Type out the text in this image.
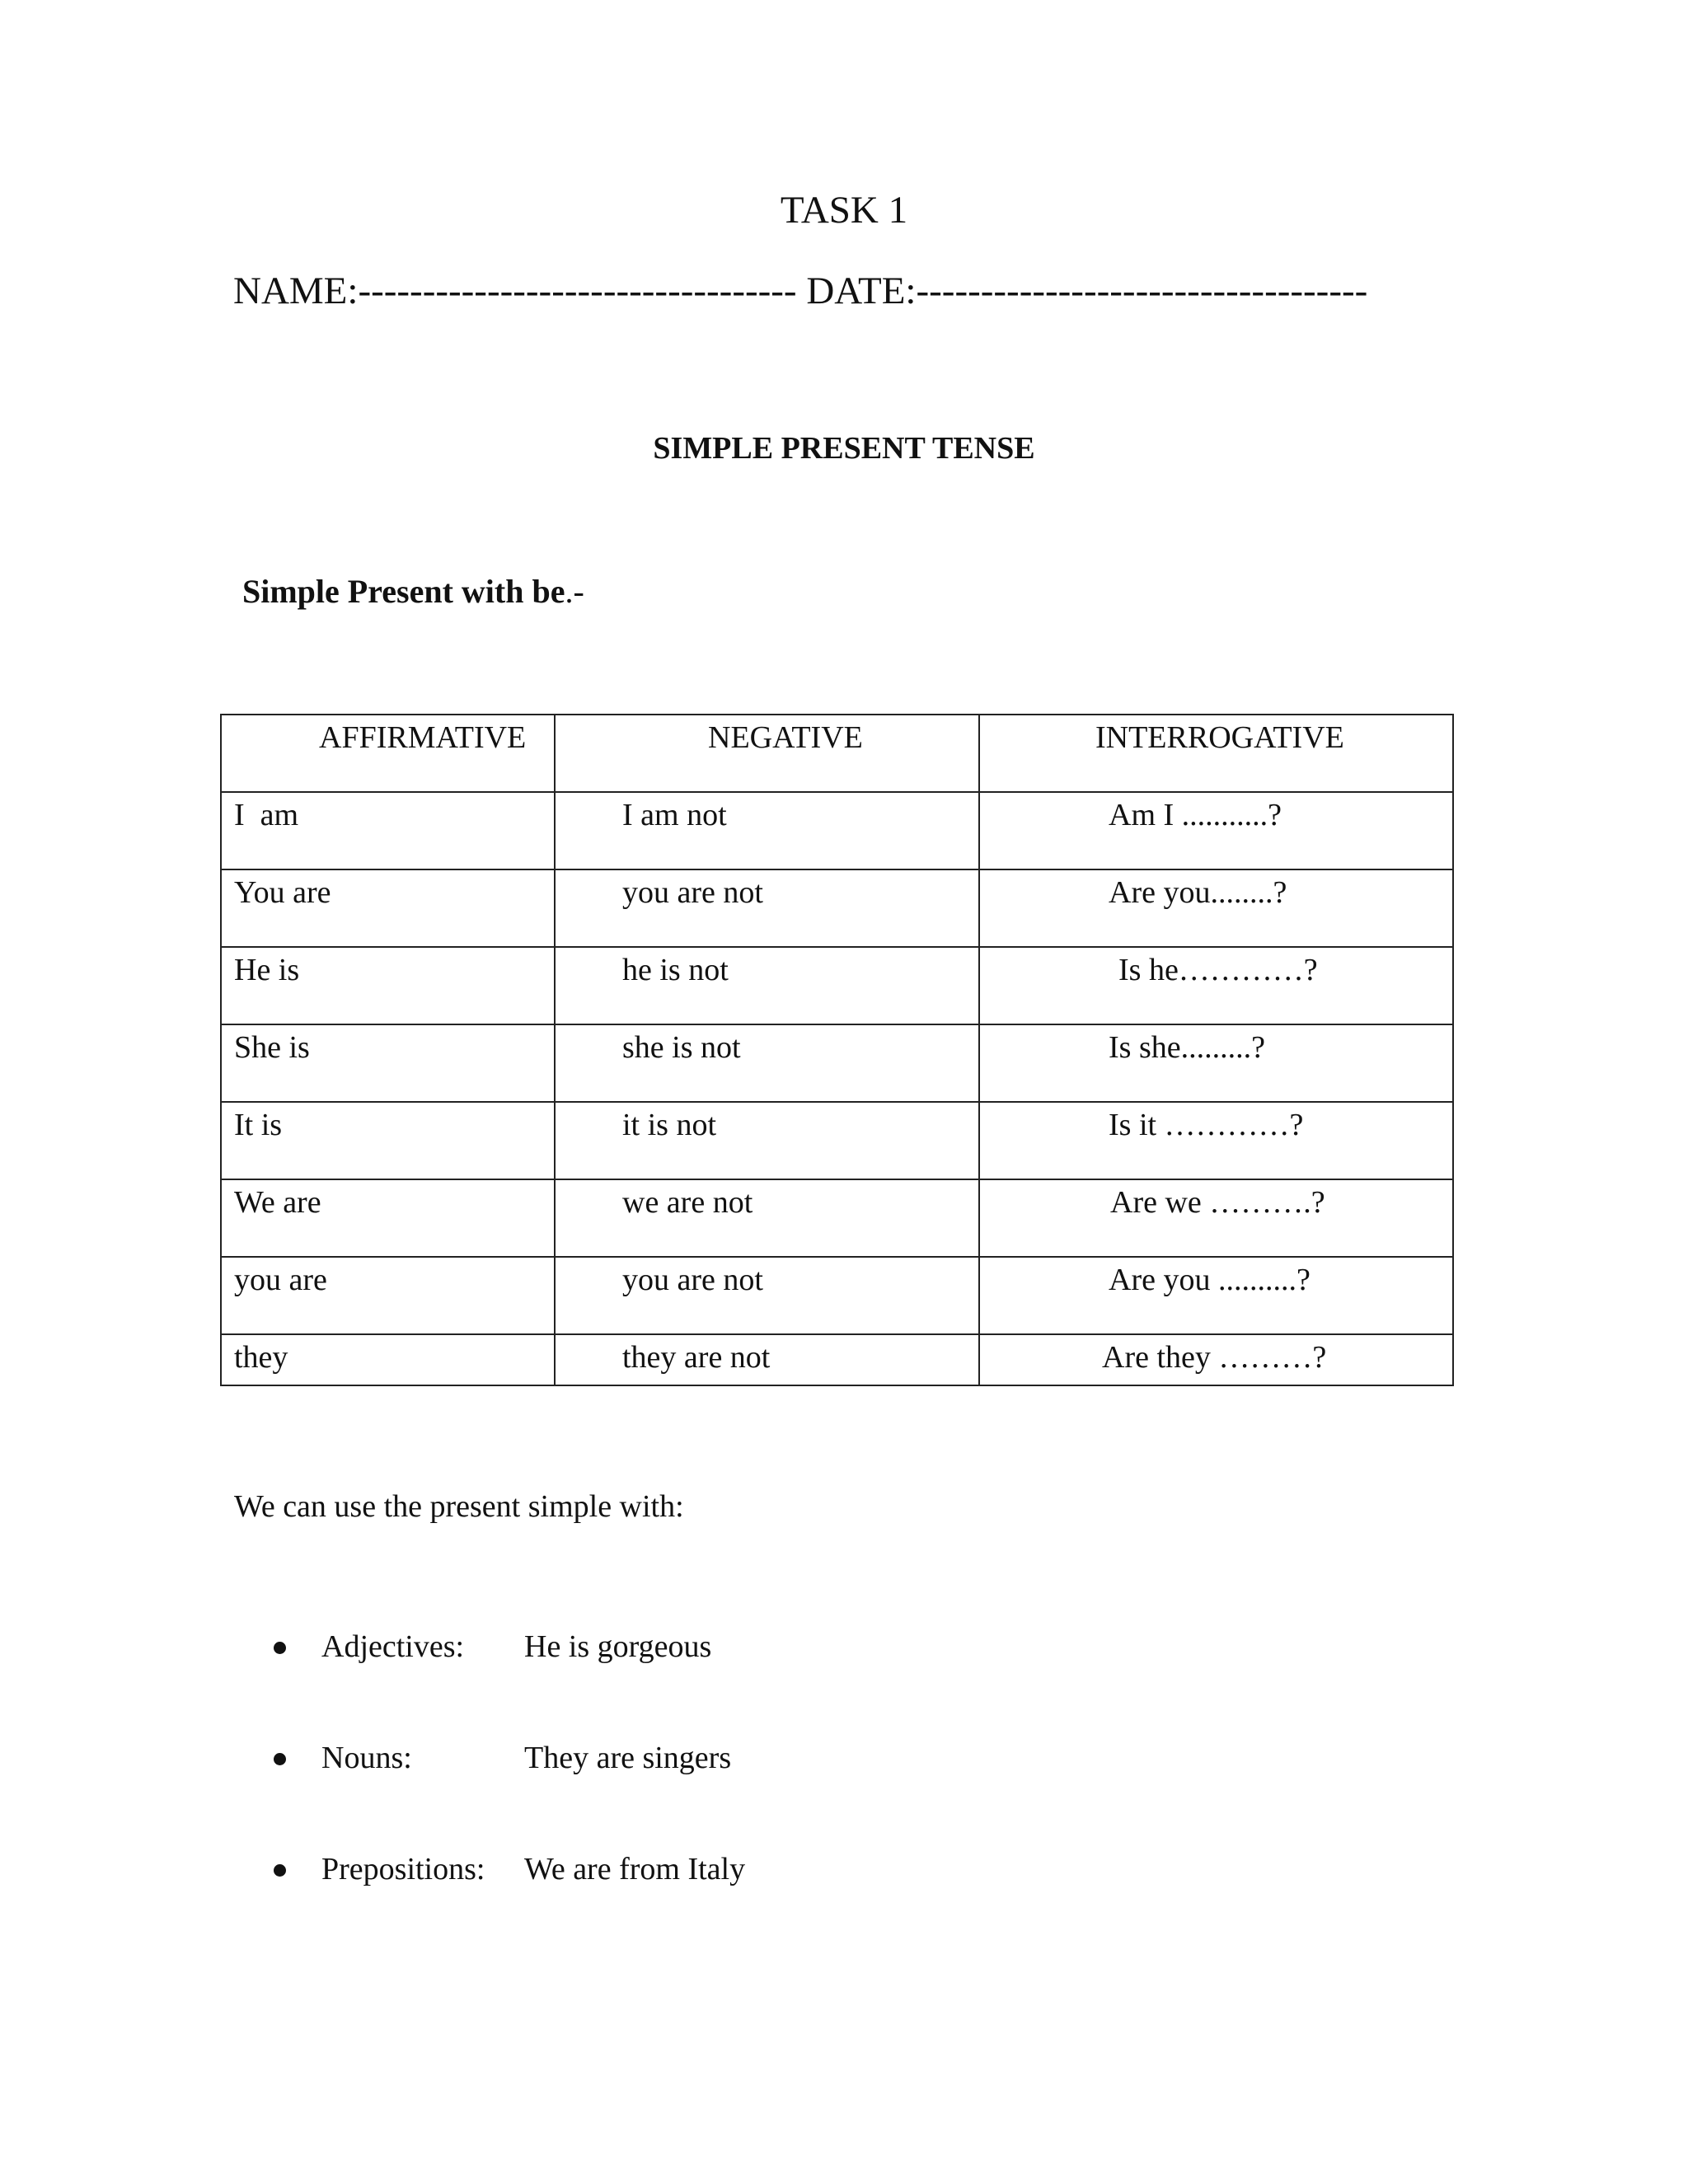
TASK 1
NAME:---------------------------------- DATE:-----------------------------------
SIMPLE PRESENT TENSE
Simple Present with be.-
AFFIRMATIVE	NEGATIVE	INTERROGATIVE
I  am	I am not	Am I ...........?
You are	you are not	Are you........?
He is	he is not	Is he…………?
She is	she is not	Is she.........?
It is	it is not	Is it …………?
We are	we are not	Are we ……….?
you are	you are not	Are you ..........?
they	they are not	Are they ………?
We can use the present simple with:
Adjectives: He is gorgeous
Nouns:	They are singers
Prepositions: We are from Italy
